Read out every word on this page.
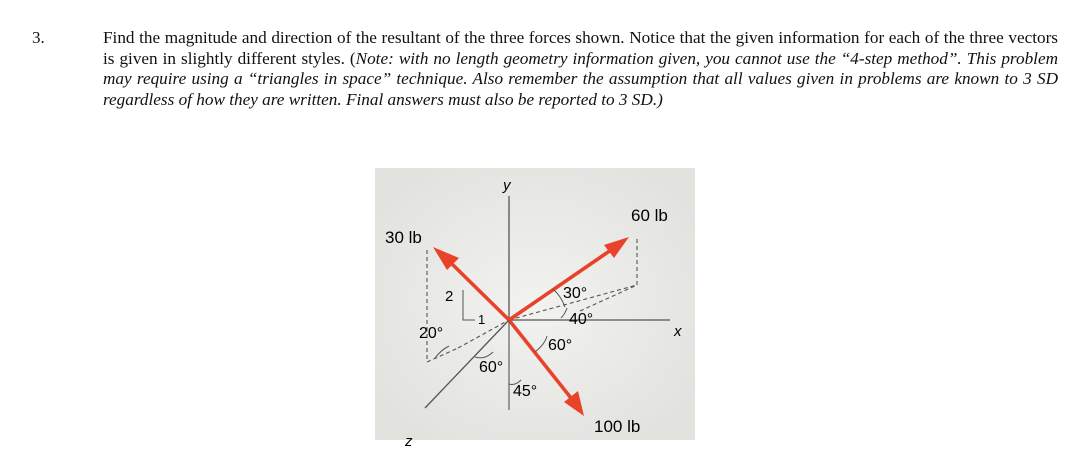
3.	Find the magnitude and direction of the resultant of the three forces shown. Notice that the given information for each of the three vectors is given in slightly different styles. (Note: with no length geometry information given, you cannot use the “4-step method”. This problem may require using a “triangles in space” technique. Also remember the assumption that all values given in problems are known to 3 SD regardless of how they are written. Final answers must also be reported to 3 SD.)
y
x
z
2
1
30 lb
60 lb
100 lb
30°
40°
60°
20°
60°
45°
